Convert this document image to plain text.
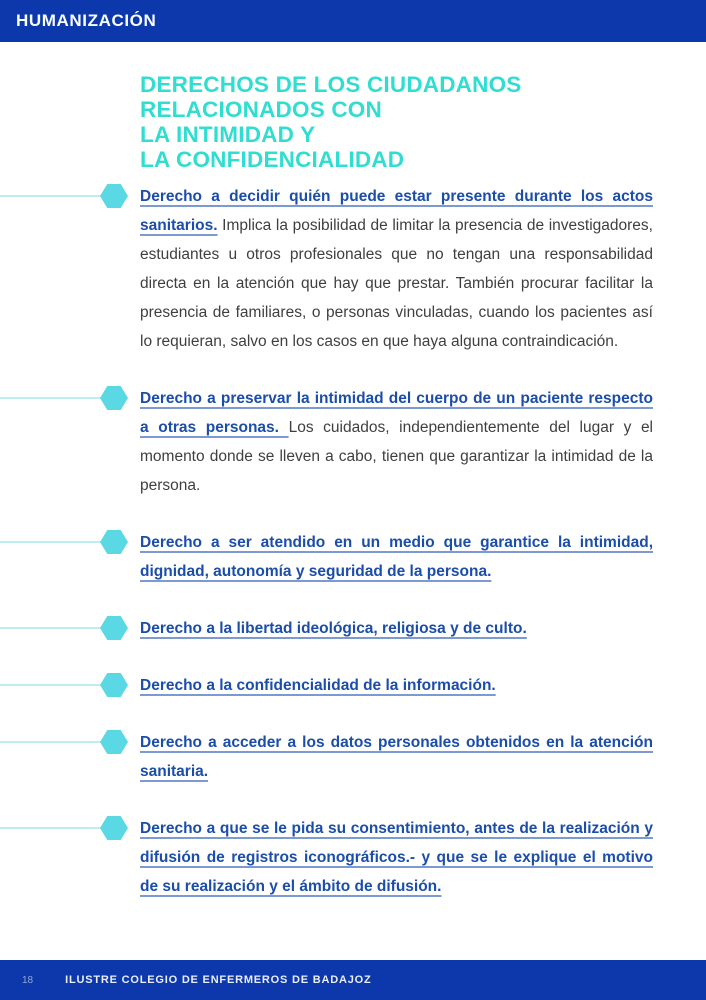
HUMANIZACIÓN
DERECHOS DE LOS CIUDADANOS
RELACIONADOS CON
LA INTIMIDAD Y
LA CONFIDENCIALIDAD

Derecho a decidir quién puede estar presente durante los actos sanitarios. Implica la posibilidad de limitar la presencia de investigadores, estudiantes u otros profesionales que no tengan una responsabilidad directa en la atención que hay que prestar. También procurar facilitar la presencia de familiares, o personas vinculadas, cuando los pacientes así lo requieran, salvo en los casos en que haya alguna contraindicación.

Derecho a preservar la intimidad del cuerpo de un paciente respecto a otras personas. Los cuidados, independientemente del lugar y el momento donde se lleven a cabo, tienen que garantizar la intimidad de la persona.

Derecho a ser atendido en un medio que garantice la intimidad, dignidad, autonomía y seguridad de la persona.

Derecho a la libertad ideológica, religiosa y de culto.

Derecho a la confidencialidad de la información.

Derecho a acceder a los datos personales obtenidos en la atención sanitaria.

Derecho a que se le pida su consentimiento, antes de la realización y difusión de registros iconográficos.- y que se le explique el motivo de su realización y el ámbito de difusión.

18	ILUSTRE COLEGIO DE ENFERMEROS DE BADAJOZ
